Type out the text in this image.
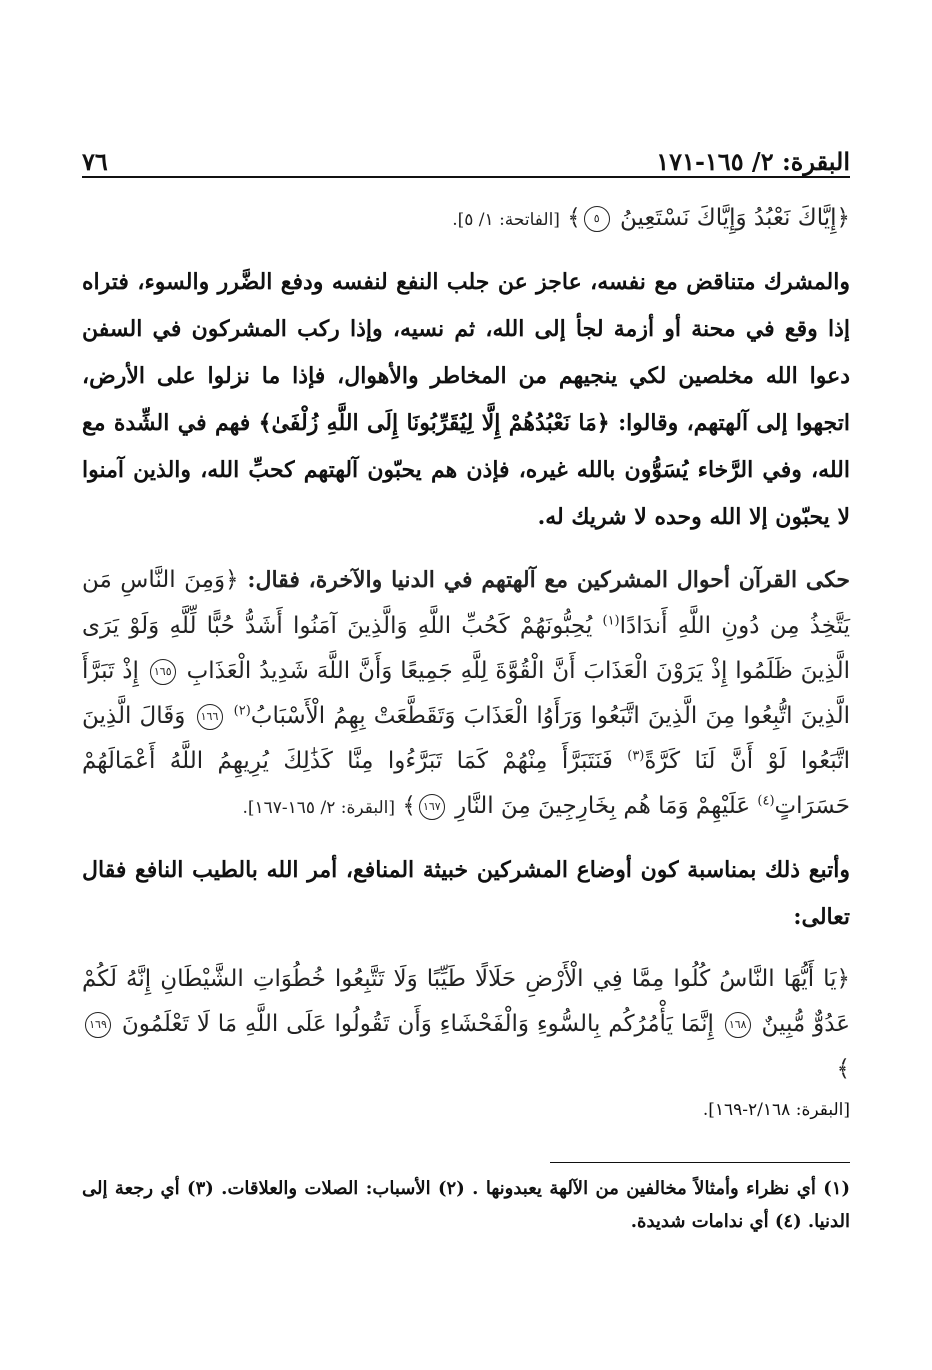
البقرة: ٢/ ١٦٥-١٧١
٧٦

﴿إِيَّاكَ نَعْبُدُ وَإِيَّاكَ نَسْتَعِينُ ٥﴾ [الفاتحة: ١/ ٥].

والمشرك متناقض مع نفسه، عاجز عن جلب النفع لنفسه ودفع الضَّرر والسوء، فتراه إذا وقع في محنة أو أزمة لجأ إلى الله، ثم نسيه، وإذا ركب المشركون في السفن دعوا الله مخلصين لكي ينجيهم من المخاطر والأهوال، فإذا ما نزلوا على الأرض، اتجهوا إلى آلهتهم، وقالوا: ﴿مَا نَعْبُدُهُمْ إِلَّا لِيُقَرِّبُونَا إِلَى اللَّهِ زُلْفَىٰ﴾ فهم في الشِّدة مع الله، وفي الرَّخاء يُسَوُّون بالله غيره، فإذن هم يحبّون آلهتهم كحبِّ الله، والذين آمنوا لا يحبّون إلا الله وحده لا شريك له.

حكى القرآن أحوال المشركين مع آلهتهم في الدنيا والآخرة، فقال: ﴿وَمِنَ النَّاسِ مَن يَتَّخِذُ مِن دُونِ اللَّهِ أَندَادًا$^{(١)}$ يُحِبُّونَهُمْ كَحُبِّ اللَّهِ وَالَّذِينَ آمَنُوا أَشَدُّ حُبًّا لِّلَّهِ وَلَوْ يَرَى الَّذِينَ ظَلَمُوا إِذْ يَرَوْنَ الْعَذَابَ أَنَّ الْقُوَّةَ لِلَّهِ جَمِيعًا وَأَنَّ اللَّهَ شَدِيدُ الْعَذَابِ ١٦٥ إِذْ تَبَرَّأَ الَّذِينَ اتُّبِعُوا مِنَ الَّذِينَ اتَّبَعُوا وَرَأَوُا الْعَذَابَ وَتَقَطَّعَتْ بِهِمُ الْأَسْبَابُ$^{(٢)}$ ١٦٦ وَقَالَ الَّذِينَ اتَّبَعُوا لَوْ أَنَّ لَنَا كَرَّةً$^{(٣)}$ فَنَتَبَرَّأَ مِنْهُمْ كَمَا تَبَرَّءُوا مِنَّا كَذَٰلِكَ يُرِيهِمُ اللَّهُ أَعْمَالَهُمْ حَسَرَاتٍ$^{(٤)}$ عَلَيْهِمْ وَمَا هُم بِخَارِجِينَ مِنَ النَّارِ ١٦٧﴾ [البقرة: ٢/ ١٦٥-١٦٧].

وأتبع ذلك بمناسبة كون أوضاع المشركين خبيثة المنافع، أمر الله بالطيب النافع فقال تعالى:

﴿يَا أَيُّهَا النَّاسُ كُلُوا مِمَّا فِي الْأَرْضِ حَلَالًا طَيِّبًا وَلَا تَتَّبِعُوا خُطُوَاتِ الشَّيْطَانِ إِنَّهُ لَكُمْ عَدُوٌّ مُّبِينٌ ١٦٨ إِنَّمَا يَأْمُرُكُم بِالسُّوءِ وَالْفَحْشَاءِ وَأَن تَقُولُوا عَلَى اللَّهِ مَا لَا تَعْلَمُونَ ١٦٩﴾

[البقرة: ٢/١٦٨-١٦٩].

(١) أي نظراء وأمثالاً مخالفين من الآلهة يعبدونها . (٢) الأسباب: الصلات والعلاقات. (٣) أي رجعة إلى الدنيا. (٤) أي ندامات شديدة.
